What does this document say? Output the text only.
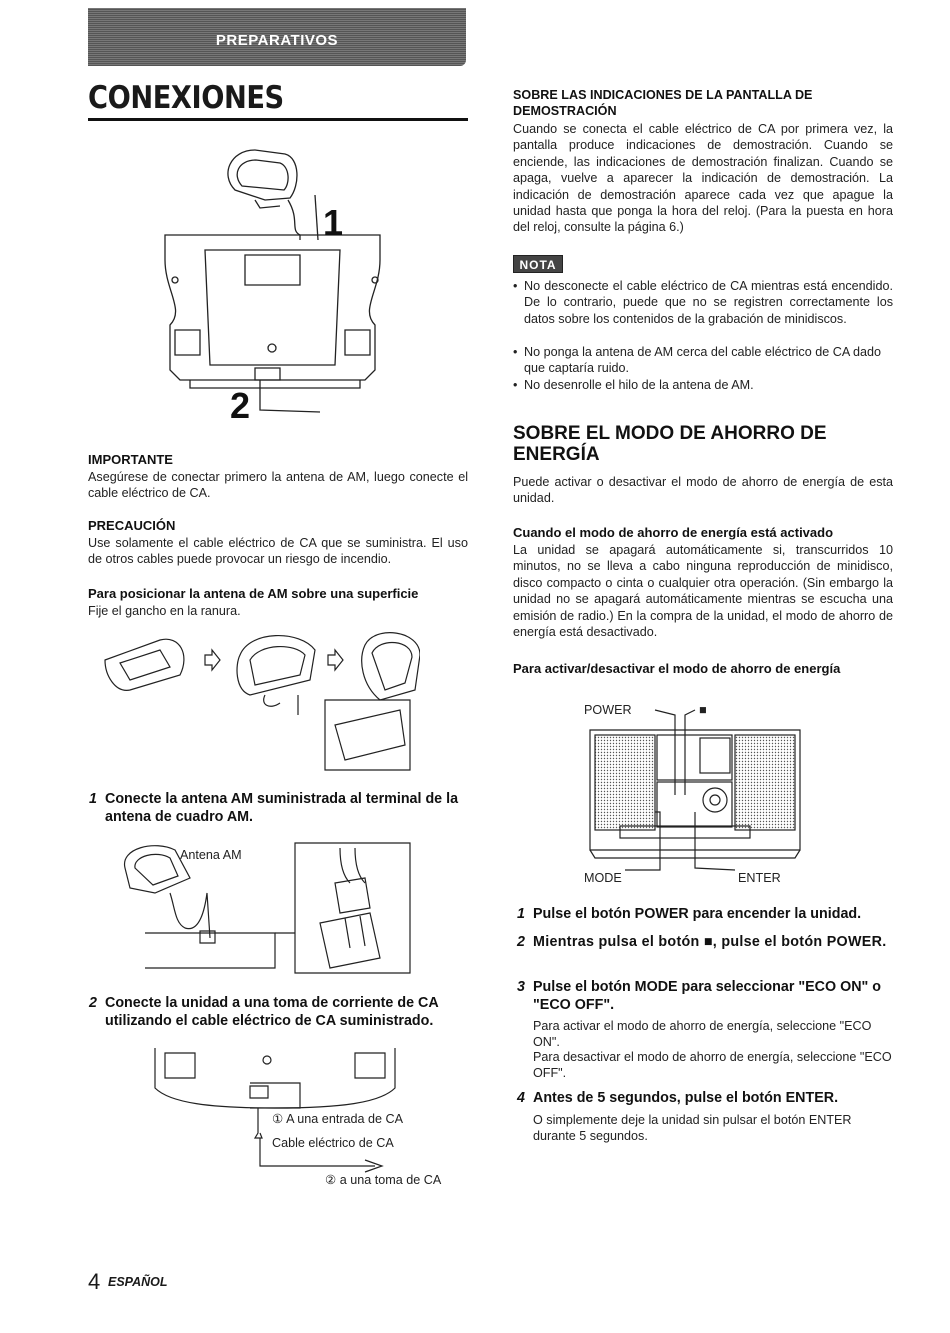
PREPARATIVOS
CONEXIONES
1
2
IMPORTANTE
Asegúrese de conectar primero la antena de AM, luego conecte el cable eléctrico de CA.
PRECAUCIÓN
Use solamente el cable eléctrico de CA que se suministra. El uso de otros cables puede provocar un riesgo de incendio.
Para posicionar la antena de AM sobre una superficie
Fije el gancho en la ranura.
1 Conecte la antena AM suministrada al terminal de la antena de cuadro AM.
Antena AM
2 Conecte la unidad a una toma de corriente de CA utilizando el cable eléctrico de CA suministrado.
① A una entrada de CA
Cable eléctrico de CA
② a una toma de CA
SOBRE LAS INDICACIONES DE LA PANTALLA DE DEMOSTRACIÓN
Cuando se conecta el cable eléctrico de CA por primera vez, la pantalla produce indicaciones de demostración. Cuando se enciende, las indicaciones de demostración finalizan. Cuando se apaga, vuelve a aparecer la indicación de demostración. La indicación de demostración aparece cada vez que apague la unidad hasta que ponga la hora del reloj. (Para la puesta en hora del reloj, consulte la página 6.)
NOTA
• No desconecte el cable eléctrico de CA mientras está encendido. De lo contrario, puede que no se registren correctamente los datos sobre los contenidos de la grabación de minidiscos.
• No ponga la antena de AM cerca del cable eléctrico de CA dado que captaría ruido.
• No desenrolle el hilo de la antena de AM.
SOBRE EL MODO DE AHORRO DE ENERGÍA
Puede activar o desactivar el modo de ahorro de energía de esta unidad.
Cuando el modo de ahorro de energía está activado
La unidad se apagará automáticamente si, transcurridos 10 minutos, no se lleva a cabo ninguna reproducción de minidisco, disco compacto o cinta o cualquier otra operación. (Sin embargo la unidad no se apagará automáticamente mientras se escucha una emisión de radio.) En la compra de la unidad, el modo de ahorro de energía está desactivado.
Para activar/desactivar el modo de ahorro de energía
POWER	■
MODE	ENTER
1 Pulse el botón POWER para encender la unidad.
2 Mientras pulsa el botón ■, pulse el botón POWER.
3 Pulse el botón MODE para seleccionar "ECO ON" o "ECO OFF".
Para activar el modo de ahorro de energía, seleccione "ECO ON".
Para desactivar el modo de ahorro de energía, seleccione "ECO OFF".
4 Antes de 5 segundos, pulse el botón ENTER.
O simplemente deje la unidad sin pulsar el botón ENTER durante 5 segundos.
4 ESPAÑOL
